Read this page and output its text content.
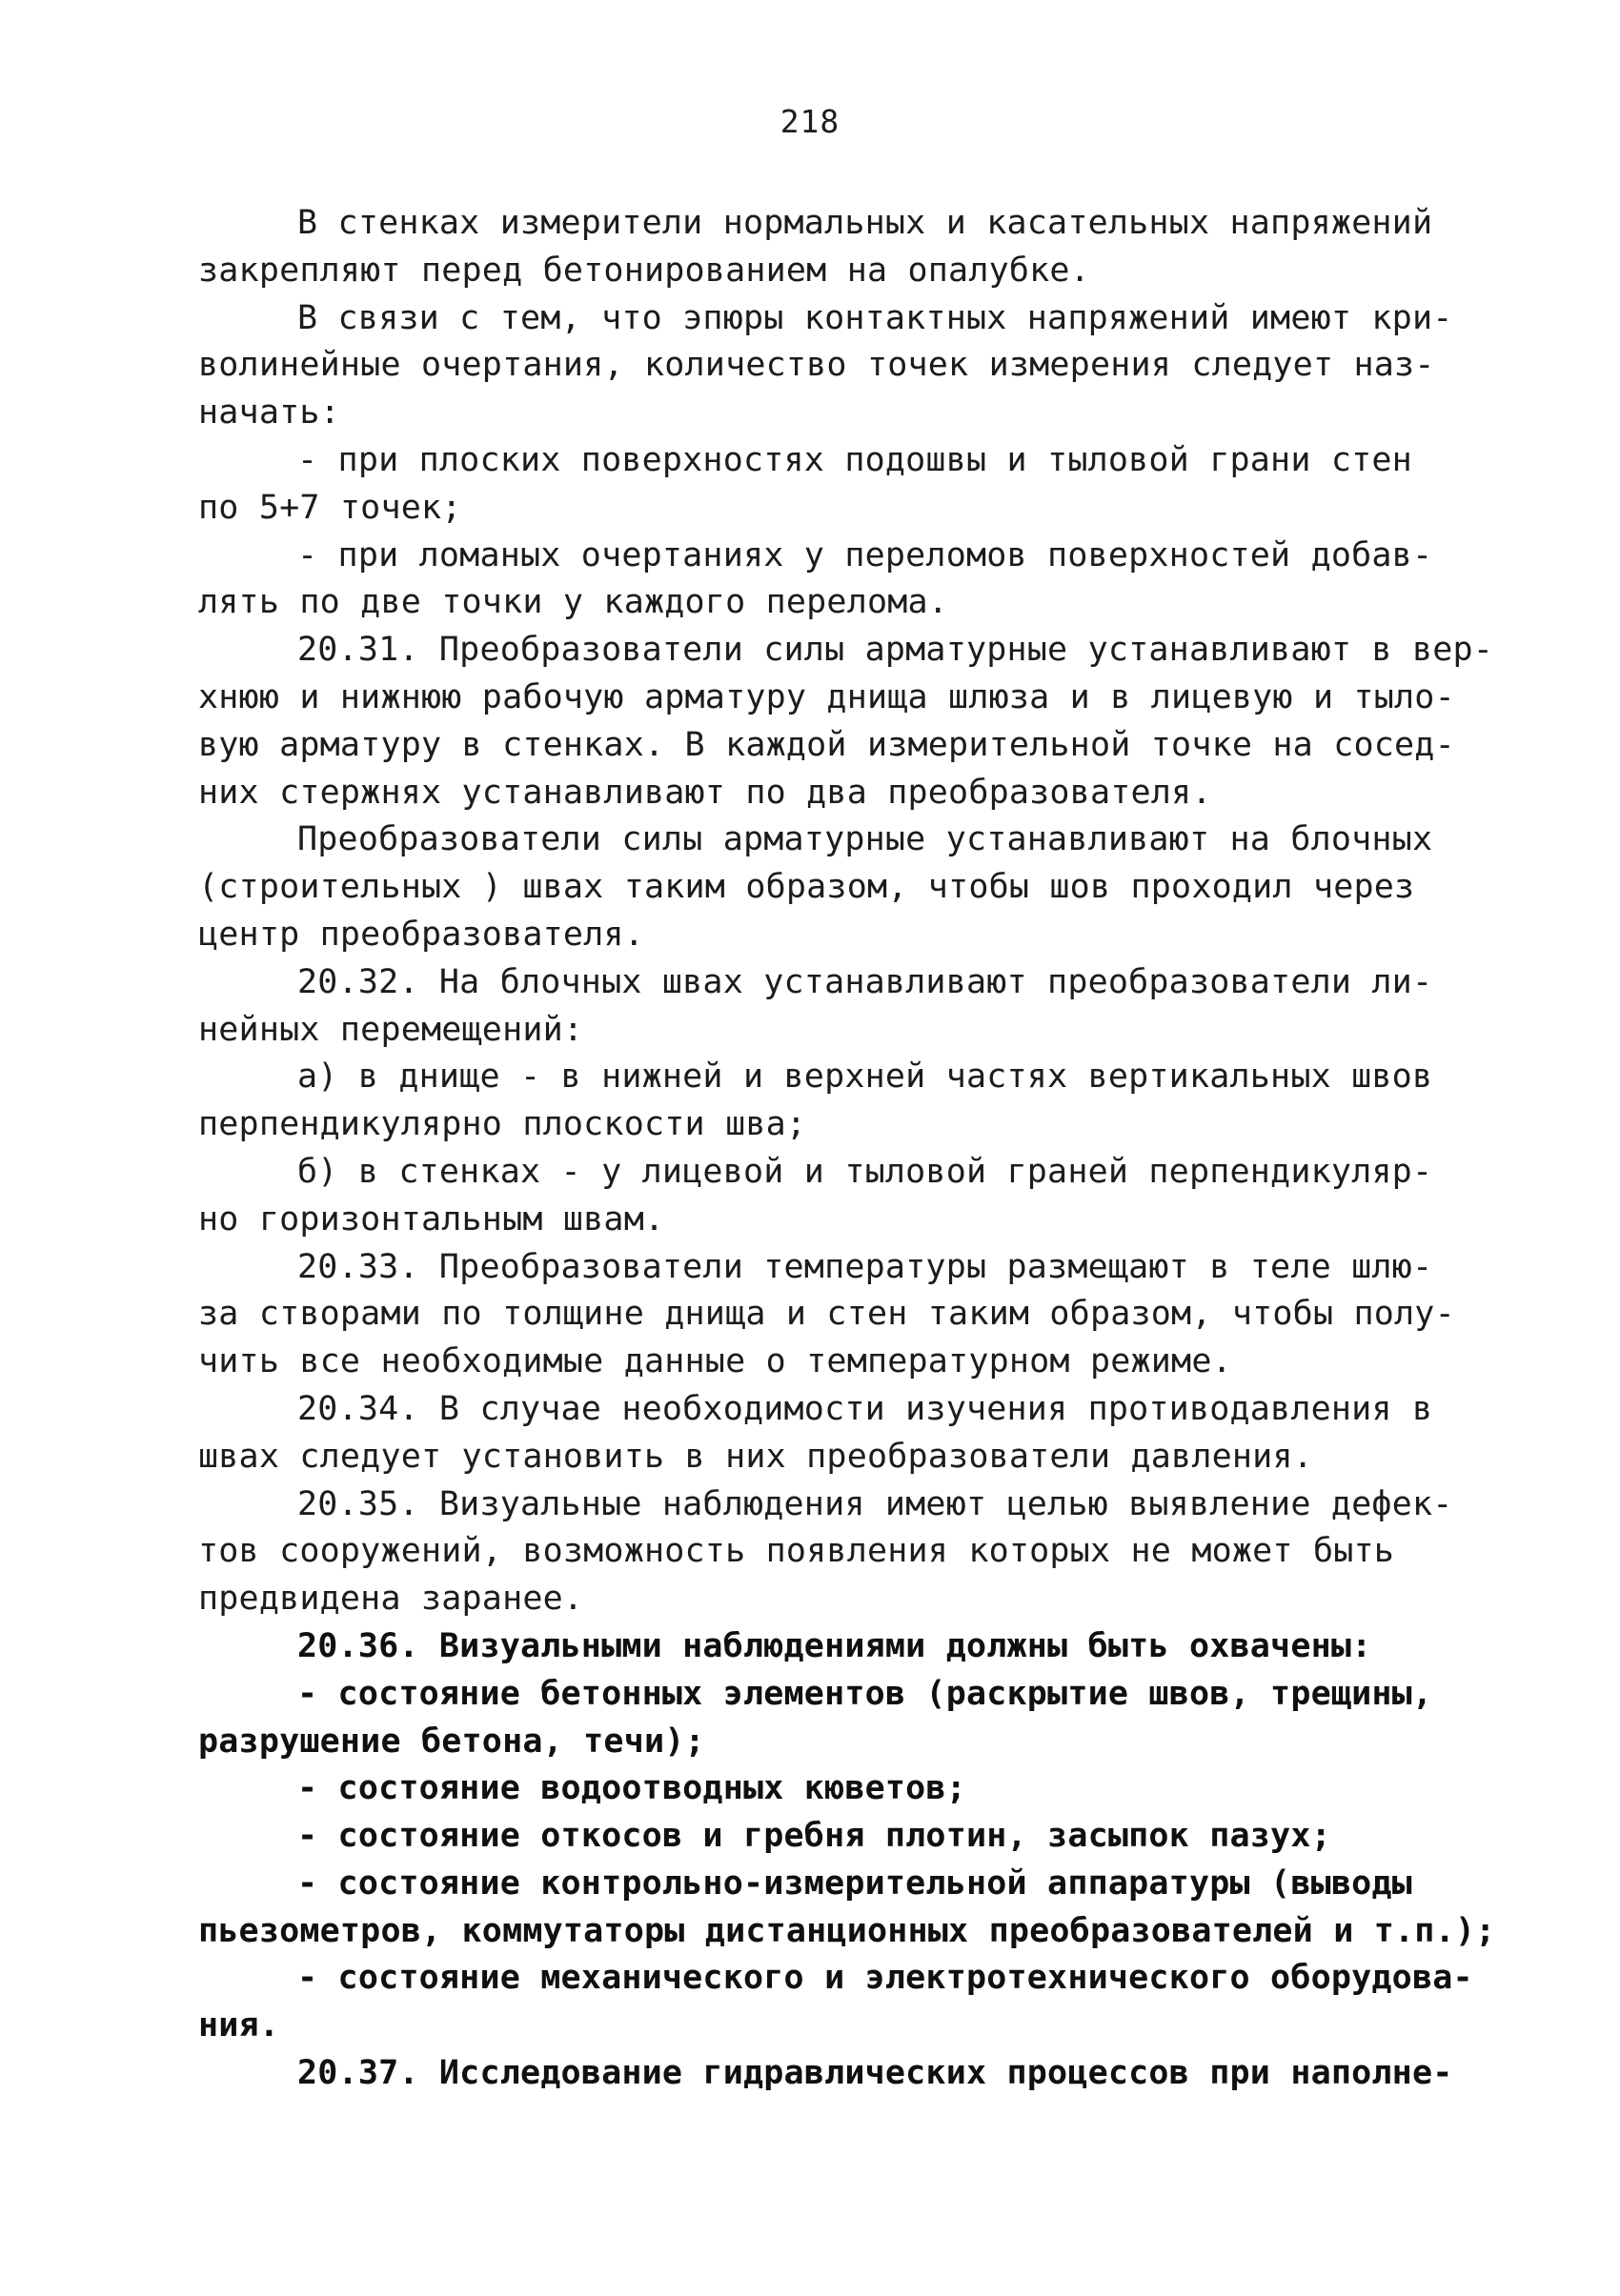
218
В стенках измерители нормальных и касательных напряжений
закрепляют перед бетонированием на опалубке.
В связи с тем, что эпюры контактных напряжений имеют кри-
волинейные очертания, количество точек измерения следует наз-
начать:
- при плоских поверхностях подошвы и тыловой грани стен
по 5+7 точек;
- при ломаных очертаниях у переломов поверхностей добав-
лять по две точки у каждого перелома.
20.31. Преобразователи силы арматурные устанавливают в вер-
хнюю и нижнюю рабочую арматуру днища шлюза и в лицевую и тыло-
вую арматуру в стенках. В каждой измерительной точке на сосед-
них стержнях устанавливают по два преобразователя.
Преобразователи силы арматурные устанавливают на блочных
(строительных ) швах таким образом, чтобы шов проходил через
центр преобразователя.
20.32. На блочных швах устанавливают преобразователи ли-
нейных перемещений:
а) в днище - в нижней и верхней частях вертикальных швов
перпендикулярно плоскости шва;
б) в стенках - у лицевой и тыловой граней перпендикуляр-
но горизонтальным швам.
20.33. Преобразователи температуры размещают в теле шлю-
за створами по толщине днища и стен таким образом, чтобы полу-
чить все необходимые данные о температурном режиме.
20.34. В случае необходимости изучения противодавления в
швах следует установить в них преобразователи давления.
20.35. Визуальные наблюдения имеют целью выявление дефек-
тов сооружений, возможность появления которых не может быть
предвидена заранее.
20.36. Визуальными наблюдениями должны быть охвачены:
- состояние бетонных элементов (раскрытие швов, трещины,
разрушение бетона, течи);
- состояние водоотводных кюветов;
- состояние откосов и гребня плотин, засыпок пазух;
- состояние контрольно-измерительной аппаратуры (выводы
пьезометров, коммутаторы дистанционных преобразователей и т.п.);
- состояние механического и электротехнического оборудова-
ния.
20.37. Исследование гидравлических процессов при наполне-
